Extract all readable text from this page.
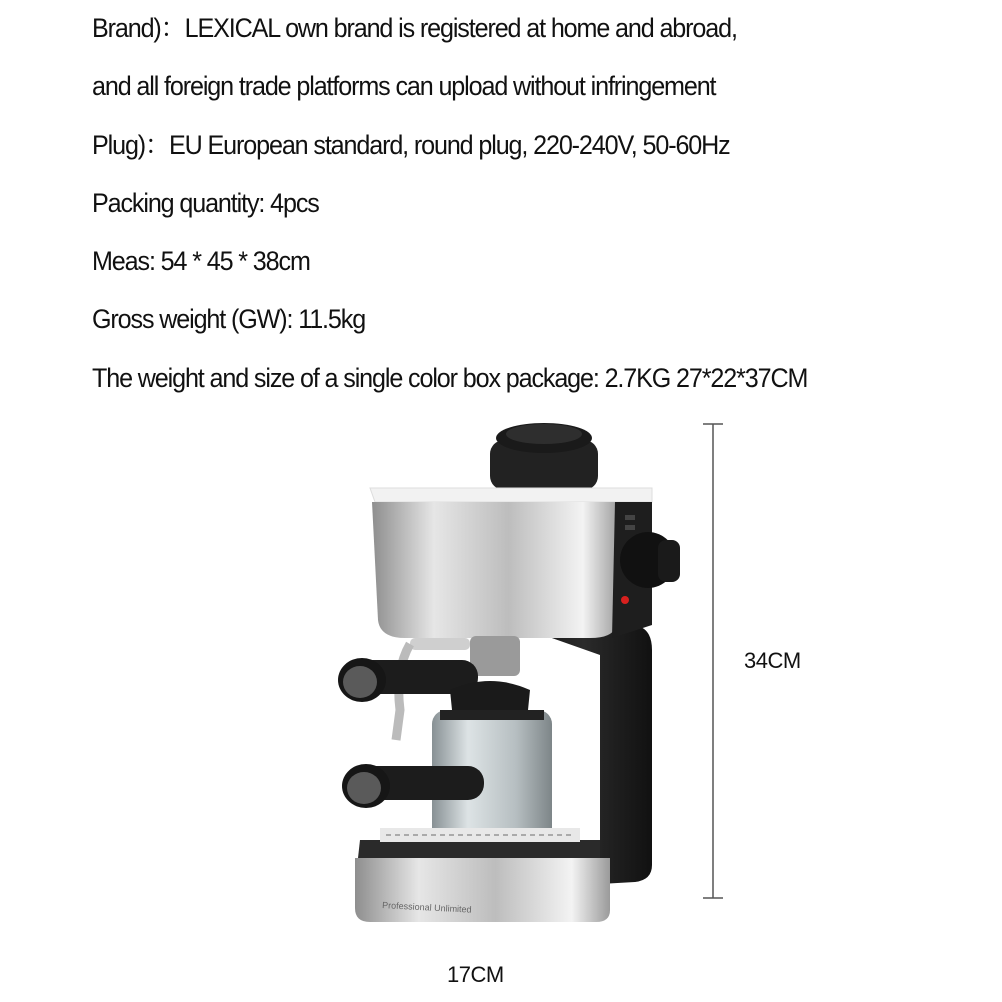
Brand)：LEXICAL own brand is registered at home and abroad,
and all foreign trade platforms can upload without infringement
Plug)：EU European standard, round plug, 220-240V, 50-60Hz
Packing quantity: 4pcs
Meas: 54 * 45 * 38cm
Gross weight (GW): 11.5kg
The weight and size of a single color box package: 2.7KG 27*22*37CM
Professional Unlimited
34CM
17CM
